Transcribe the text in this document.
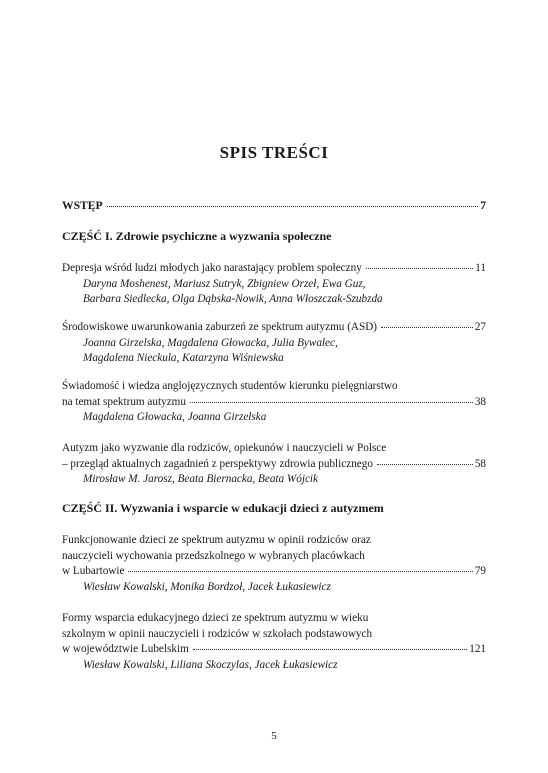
SPIS TREŚCI
WSTĘP	7
CZĘŚĆ I. Zdrowie psychiczne a wyzwania społeczne
Depresja wśród ludzi młodych jako narastający problem społeczny	11
Daryna Moshenest, Mariusz Sutryk, Zbigniew Orzeł, Ewa Guz,
Barbara Siedlecka, Olga Dąbska-Nowik, Anna Włoszczak-Szubzda
Środowiskowe uwarunkowania zaburzeń ze spektrum autyzmu (ASD)	27
Joanna Girzelska, Magdalena Głowacka, Julia Bywalec,
Magdalena Nieckula, Katarzyna Wiśniewska
Świadomość i wiedza anglojęzycznych studentów kierunku pielęgniarstwo
na temat spektrum autyzmu	38
Magdalena Głowacka, Joanna Girzelska
Autyzm jako wyzwanie dla rodziców, opiekunów i nauczycieli w Polsce
– przegląd aktualnych zagadnień z perspektywy zdrowia publicznego	58
Mirosław M. Jarosz, Beata Biernacka, Beata Wójcik
CZĘŚĆ II. Wyzwania i wsparcie w edukacji dzieci z autyzmem
Funkcjonowanie dzieci ze spektrum autyzmu w opinii rodziców oraz
nauczycieli wychowania przedszkolnego w wybranych placówkach
w Lubartowie	79
Wiesław Kowalski, Monika Bordzoł, Jacek Łukasiewicz
Formy wsparcia edukacyjnego dzieci ze spektrum autyzmu w wieku
szkolnym w opinii nauczycieli i rodziców w szkołach podstawowych
w województwie Lubelskim	121
Wiesław Kowalski, Liliana Skoczylas, Jacek Łukasiewicz
5
